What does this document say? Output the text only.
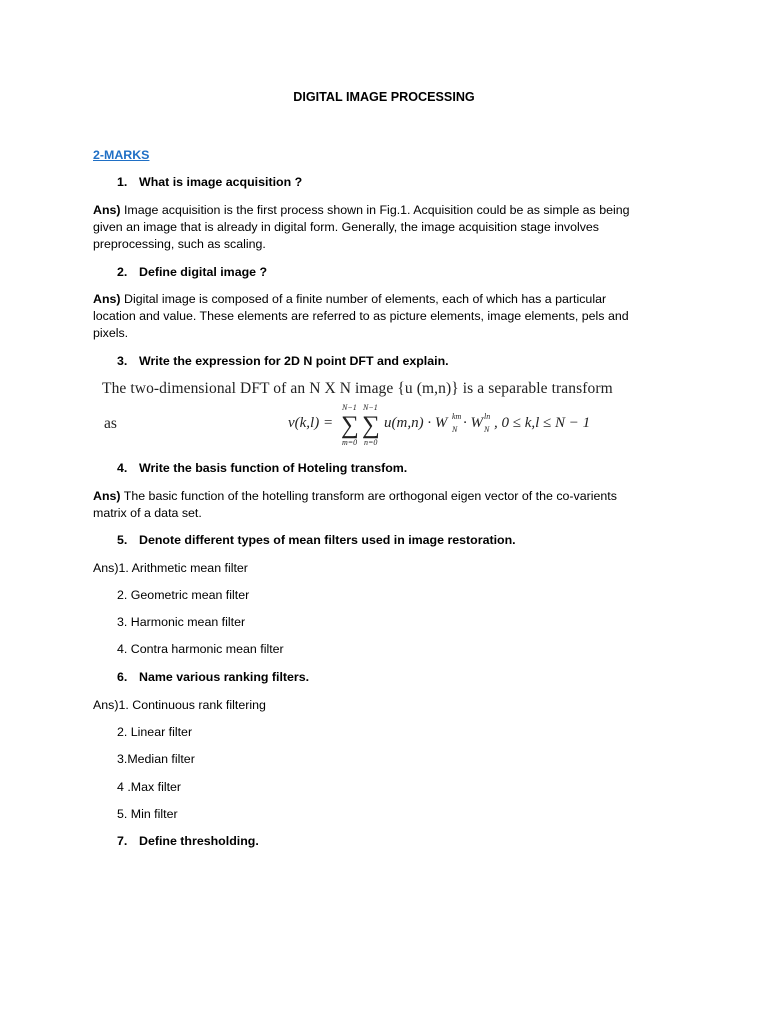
DIGITAL IMAGE PROCESSING
2-MARKS
1. What is image acquisition ?
Ans) Image acquisition is the first process shown in Fig.1. Acquisition could be as simple as being
given an image that is already in digital form. Generally, the image acquisition stage involves
preprocessing, such as scaling.
2. Define digital image ?
Ans) Digital image is composed of a finite number of elements, each of which has a particular
location and value. These elements are referred to as picture elements, image elements, pels and
pixels.
3. Write the expression for 2D N point DFT and explain.
The two-dimensional DFT of an N X N image {u (m,n)} is a separable transform
as	v(k,l) =
N−1
∑
m=0
N−1
∑
n=0
u(m,n) · W km
N · W ln
N , 0 ≤ k,l ≤ N − 1
4. Write the basis function of Hoteling transfom.
Ans) The basic function of the hotelling transform are orthogonal eigen vector of the co-varients
matrix of a data set.
5. Denote different types of mean filters used in image restoration.
Ans)1. Arithmetic mean filter
2. Geometric mean filter
3. Harmonic mean filter
4. Contra harmonic mean filter
6. Name various ranking filters.
Ans)1. Continuous rank filtering
2. Linear filter
3.Median filter
4 .Max filter
5. Min filter
7. Define thresholding.
